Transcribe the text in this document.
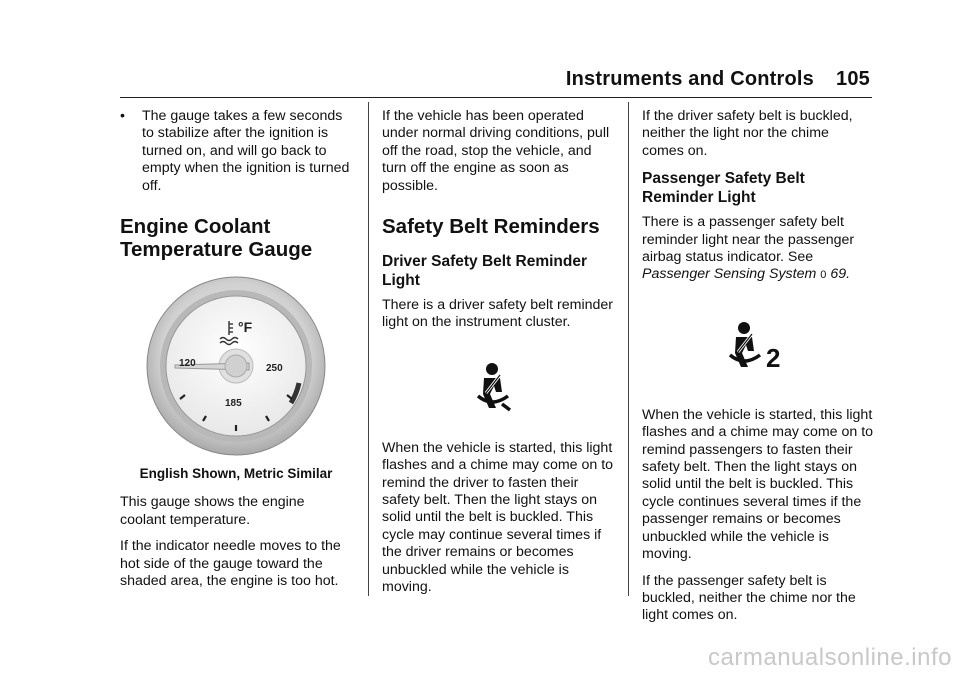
Instruments and Controls 105
•	The gauge takes a few seconds to stabilize after the ignition is turned on, and will go back to empty when the ignition is turned off.
Engine Coolant Temperature Gauge
°F
120	250
185
English Shown, Metric Similar

This gauge shows the engine coolant temperature.

If the indicator needle moves to the hot side of the gauge toward the shaded area, the engine is too hot.

If the vehicle has been operated under normal driving conditions, pull off the road, stop the vehicle, and turn off the engine as soon as possible.

Safety Belt Reminders
Driver Safety Belt Reminder Light

There is a driver safety belt reminder light on the instrument cluster.

When the vehicle is started, this light flashes and a chime may come on to remind the driver to fasten their safety belt. Then the light stays on solid until the belt is buckled. This cycle may continue several times if the driver remains or becomes unbuckled while the vehicle is moving.

If the driver safety belt is buckled, neither the light nor the chime comes on.

Passenger Safety Belt Reminder Light

There is a passenger safety belt reminder light near the passenger airbag status indicator. See
Passenger Sensing System 0 69.

2

When the vehicle is started, this light flashes and a chime may come on to remind passengers to fasten their safety belt. Then the light stays on solid until the belt is buckled. This cycle continues several times if the passenger remains or becomes unbuckled while the vehicle is moving.

If the passenger safety belt is buckled, neither the chime nor the light comes on.

carmanualsonline.info
